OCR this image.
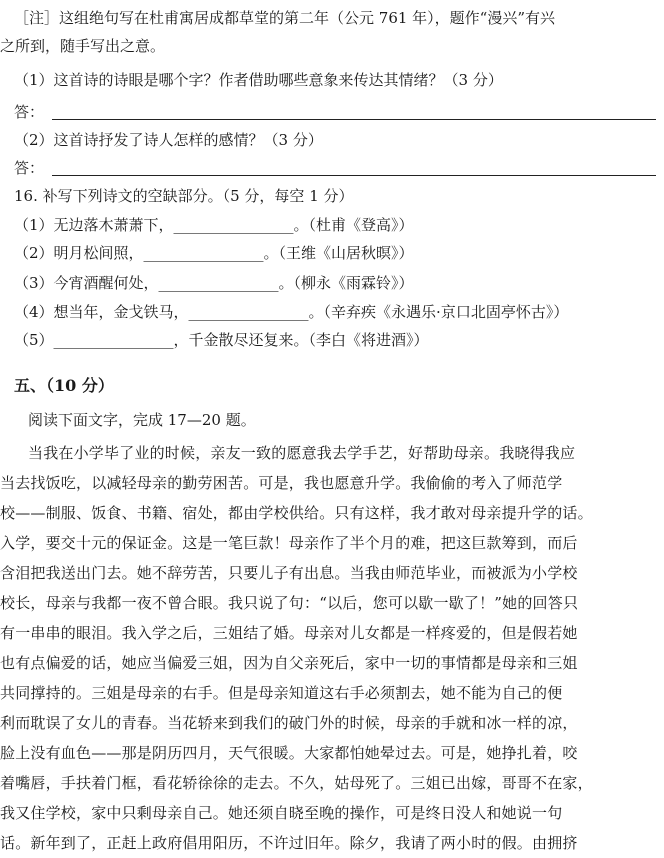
［注］这组绝句写在杜甫寓居成都草堂的第二年（公元 761 年），题作“漫兴”有兴
之所到，随手写出之意。
（1）这首诗的诗眼是哪个字？作者借助哪些意象来传达其情绪？（3 分）
答：
（2）这首诗抒发了诗人怎样的感情？（3 分）
答：
16. 补写下列诗文的空缺部分。（5 分，每空 1 分）
（1）无边落木萧萧下，________________。（杜甫《登高》）
（2）明月松间照，________________。（王维《山居秋暝》）
（3）今宵酒醒何处，________________。（柳永《雨霖铃》）
（4）想当年，金戈铁马，________________。（辛弃疾《永遇乐·京口北固亭怀古》）
（5）________________，千金散尽还复来。（李白《将进酒》）
五、（10 分）
阅读下面文字，完成 17—20 题。
当我在小学毕了业的时候，亲友一致的愿意我去学手艺，好帮助母亲。我晓得我应
当去找饭吃，以减轻母亲的勤劳困苦。可是，我也愿意升学。我偷偷的考入了师范学
校——制服、饭食、书籍、宿处，都由学校供给。只有这样，我才敢对母亲提升学的话。
入学，要交十元的保证金。这是一笔巨款！母亲作了半个月的难，把这巨款筹到，而后
含泪把我送出门去。她不辞劳苦，只要儿子有出息。当我由师范毕业，而被派为小学校
校长，母亲与我都一夜不曾合眼。我只说了句：“以后，您可以歇一歇了！”她的回答只
有一串串的眼泪。我入学之后，三姐结了婚。母亲对儿女都是一样疼爱的，但是假若她
也有点偏爱的话，她应当偏爱三姐，因为自父亲死后，家中一切的事情都是母亲和三姐
共同撑持的。三姐是母亲的右手。但是母亲知道这右手必须割去，她不能为自己的便
利而耽误了女儿的青春。当花轿来到我们的破门外的时候，母亲的手就和冰一样的凉，
脸上没有血色——那是阴历四月，天气很暖。大家都怕她晕过去。可是，她挣扎着，咬
着嘴唇，手扶着门框，看花轿徐徐的走去。不久，姑母死了。三姐已出嫁，哥哥不在家，
我又住学校，家中只剩母亲自己。她还须自晓至晚的操作，可是终日没人和她说一句
话。新年到了，正赶上政府倡用阳历，不许过旧年。除夕，我请了两小时的假。由拥挤
